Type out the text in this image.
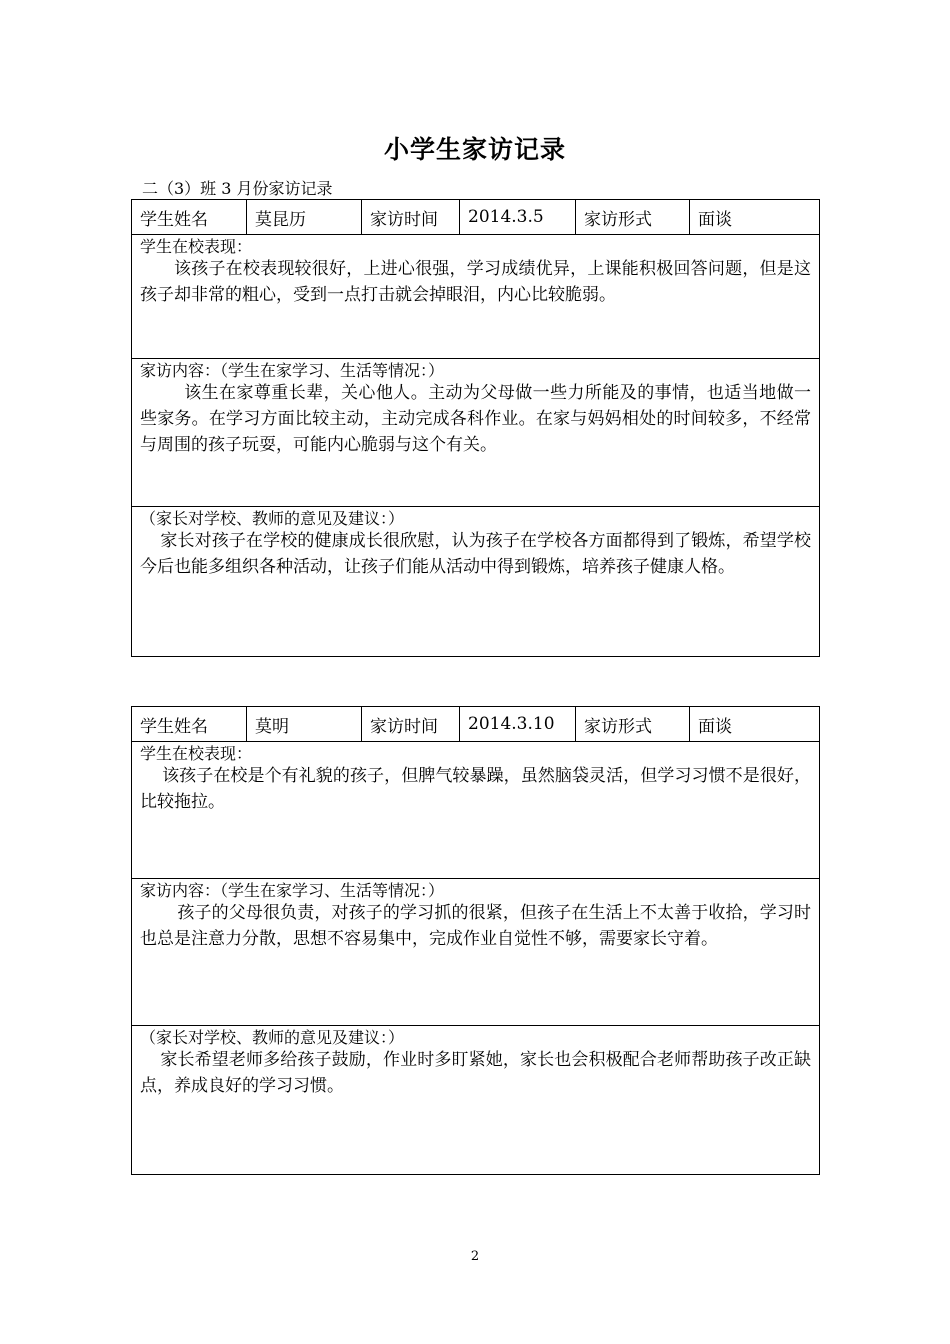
小学生家访记录
二（3）班 3 月份家访记录
学生姓名	莫昆历	家访时间	2014.3.5	家访形式	面谈

学生在校表现：
该孩子在校表现较很好，上进心很强，学习成绩优异，上课能积极回答问题，但是这孩子却非常的粗心，受到一点打击就会掉眼泪，内心比较脆弱。

家访内容：（学生在家学习、生活等情况：）
该生在家尊重长辈，关心他人。主动为父母做一些力所能及的事情，也适当地做一些家务。在学习方面比较主动，主动完成各科作业。在家与妈妈相处的时间较多，不经常与周围的孩子玩耍，可能内心脆弱与这个有关。

（家长对学校、教师的意见及建议：）
家长对孩子在学校的健康成长很欣慰，认为孩子在学校各方面都得到了锻炼，希望学校今后也能多组织各种活动，让孩子们能从活动中得到锻炼，培养孩子健康人格。
学生姓名	莫明	家访时间	2014.3.10	家访形式	面谈

学生在校表现：
该孩子在校是个有礼貌的孩子，但脾气较暴躁，虽然脑袋灵活，但学习习惯不是很好，比较拖拉。

家访内容：（学生在家学习、生活等情况：）
孩子的父母很负责，对孩子的学习抓的很紧，但孩子在生活上不太善于收拾，学习时也总是注意力分散，思想不容易集中，完成作业自觉性不够，需要家长守着。

（家长对学校、教师的意见及建议：）
家长希望老师多给孩子鼓励，作业时多盯紧她，家长也会积极配合老师帮助孩子改正缺点，养成良好的学习习惯。
2
